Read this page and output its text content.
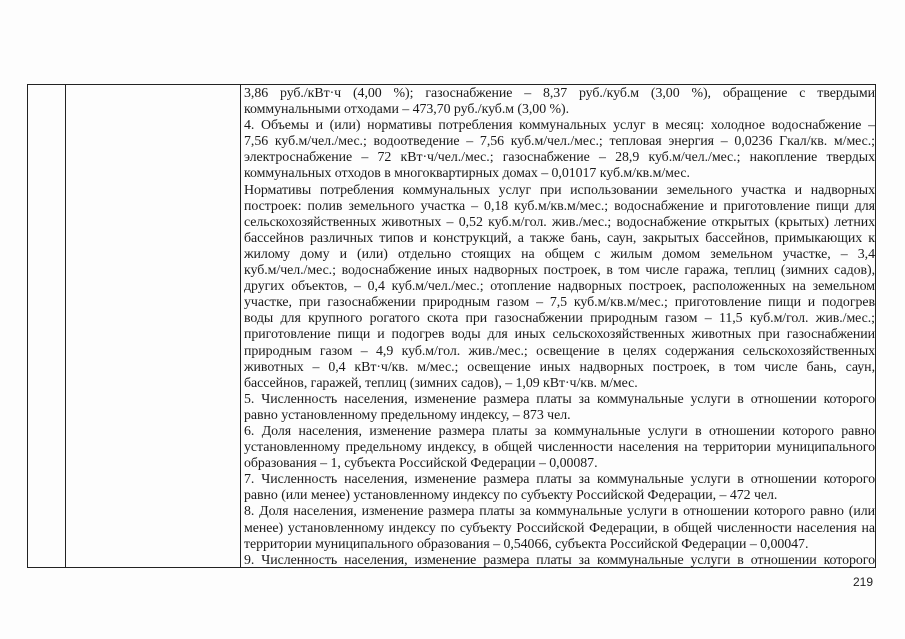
3,86 руб./кВт·ч (4,00 %); газоснабжение – 8,37 руб./куб.м (3,00 %), обращение с твердыми
коммунальными отходами – 473,70 руб./куб.м (3,00 %).
4. Объемы и (или) нормативы потребления коммунальных услуг в месяц: холодное водоснабжение –
7,56 куб.м/чел./мес.; водоотведение – 7,56 куб.м/чел./мес.; тепловая энергия – 0,0236 Гкал/кв. м/мес.;
электроснабжение – 72 кВт·ч/чел./мес.; газоснабжение – 28,9 куб.м/чел./мес.; накопление твердых
коммунальных отходов в многоквартирных домах – 0,01017 куб.м/кв.м/мес.
Нормативы потребления коммунальных услуг при использовании земельного участка и надворных
построек: полив земельного участка – 0,18 куб.м/кв.м/мес.; водоснабжение и приготовление пищи для
сельскохозяйственных животных – 0,52 куб.м/гол. жив./мес.; водоснабжение открытых (крытых) летних
бассейнов различных типов и конструкций, а также бань, саун, закрытых бассейнов, примыкающих к
жилому дому и (или) отдельно стоящих на общем с жилым домом земельном участке, – 3,4
куб.м/чел./мес.; водоснабжение иных надворных построек, в том числе гаража, теплиц (зимних садов),
других объектов, – 0,4 куб.м/чел./мес.; отопление надворных построек, расположенных на земельном
участке, при газоснабжении природным газом – 7,5 куб.м/кв.м/мес.; приготовление пищи и подогрев
воды для крупного рогатого скота при газоснабжении природным газом – 11,5 куб.м/гол. жив./мес.;
приготовление пищи и подогрев воды для иных сельскохозяйственных животных при газоснабжении
природным газом – 4,9 куб.м/гол. жив./мес.; освещение в целях содержания сельскохозяйственных
животных – 0,4 кВт·ч/кв. м/мес.; освещение иных надворных построек, в том числе бань, саун,
бассейнов, гаражей, теплиц (зимних садов), – 1,09 кВт·ч/кв. м/мес.
5. Численность населения, изменение размера платы за коммунальные услуги в отношении которого
равно установленному предельному индексу, – 873 чел.
6. Доля населения, изменение размера платы за коммунальные услуги в отношении которого равно
установленному предельному индексу, в общей численности населения на территории муниципального
образования – 1, субъекта Российской Федерации – 0,00087.
7. Численность населения, изменение размера платы за коммунальные услуги в отношении которого
равно (или менее) установленному индексу по субъекту Российской Федерации, – 472 чел.
8. Доля населения, изменение размера платы за коммунальные услуги в отношении которого равно (или
менее) установленному индексу по субъекту Российской Федерации, в общей численности населения на
территории муниципального образования – 0,54066, субъекта Российской Федерации – 0,00047.
9. Численность населения, изменение размера платы за коммунальные услуги в отношении которого
219
